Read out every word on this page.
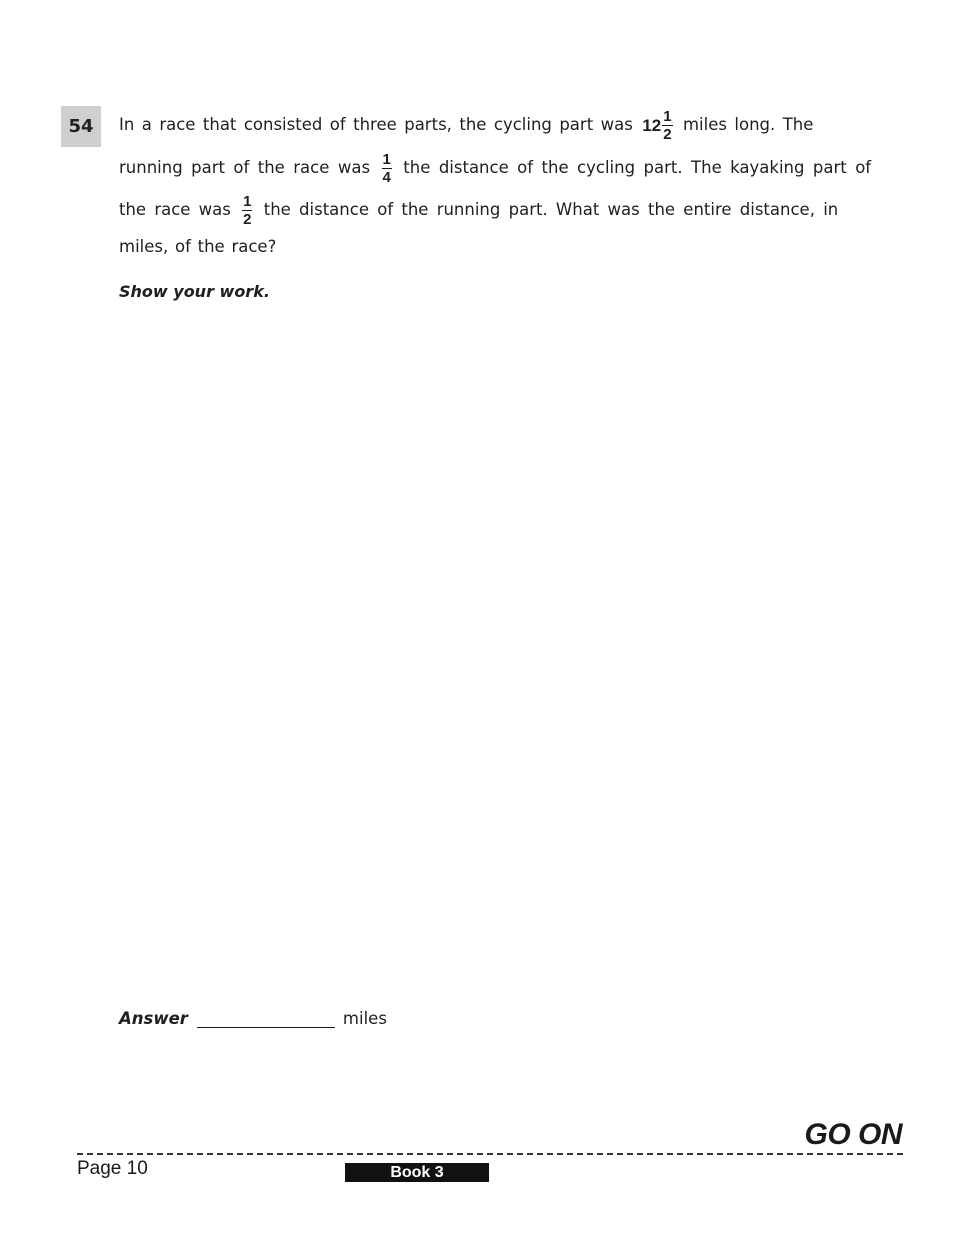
54	In a race that consisted of three parts, the cycling part was $12 \frac{1}{2}$ miles long. The
running part of the race was $\frac{1}{4}$ the distance of the cycling part. The kayaking part of
the race was $\frac{1}{2}$ the distance of the running part. What was the entire distance, in
miles, of the race?
Show your work.
Answer	miles
GO ON
Page 10	Book 3
